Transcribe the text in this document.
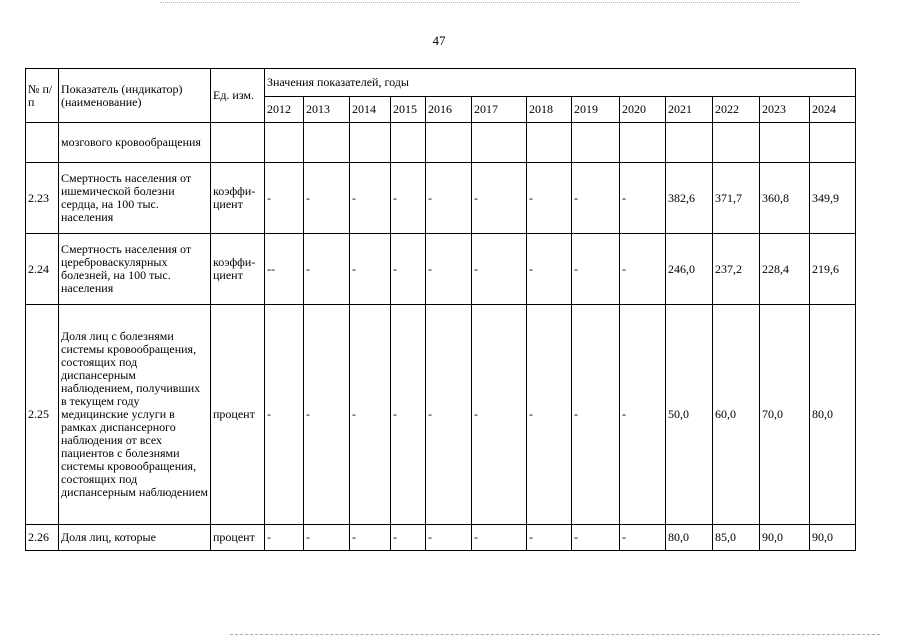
47
№ п/п	Показатель (индикатор) (наименование)	Ед. изм.	Значения показателей, годы												
			2012	2013	2014	2015	2016	2017	2018	2019	2020	2021	2022	2023	2024
	мозгового кровообращения														
2.23	Смертность населения от ишемической болезни сердца, на 100 тыс. населения	коэффи-циент	-	-	-	-	-	-	-	-	-	382,6	371,7	360,8	349,9
2.24	Смертность населения от цереброваскулярных болезней, на 100 тыс. населения	коэффи-циент	--	-	-	-	-	-	-	-	-	246,0	237,2	228,4	219,6
2.25	Доля лиц с болезнями системы кровообращения, состоящих под диспансерным наблюдением, получивших в текущем году медицинские услуги в рамках диспансерного наблюдения от всех пациентов с болезнями системы кровообращения, состоящих под диспансерным наблюдением	процент	-	-	-	-	-	-	-	-	-	50,0	60,0	70,0	80,0
2.26	Доля лиц, которые	процент	-	-	-	-	-	-	-	-	-	80,0	85,0	90,0	90,0
